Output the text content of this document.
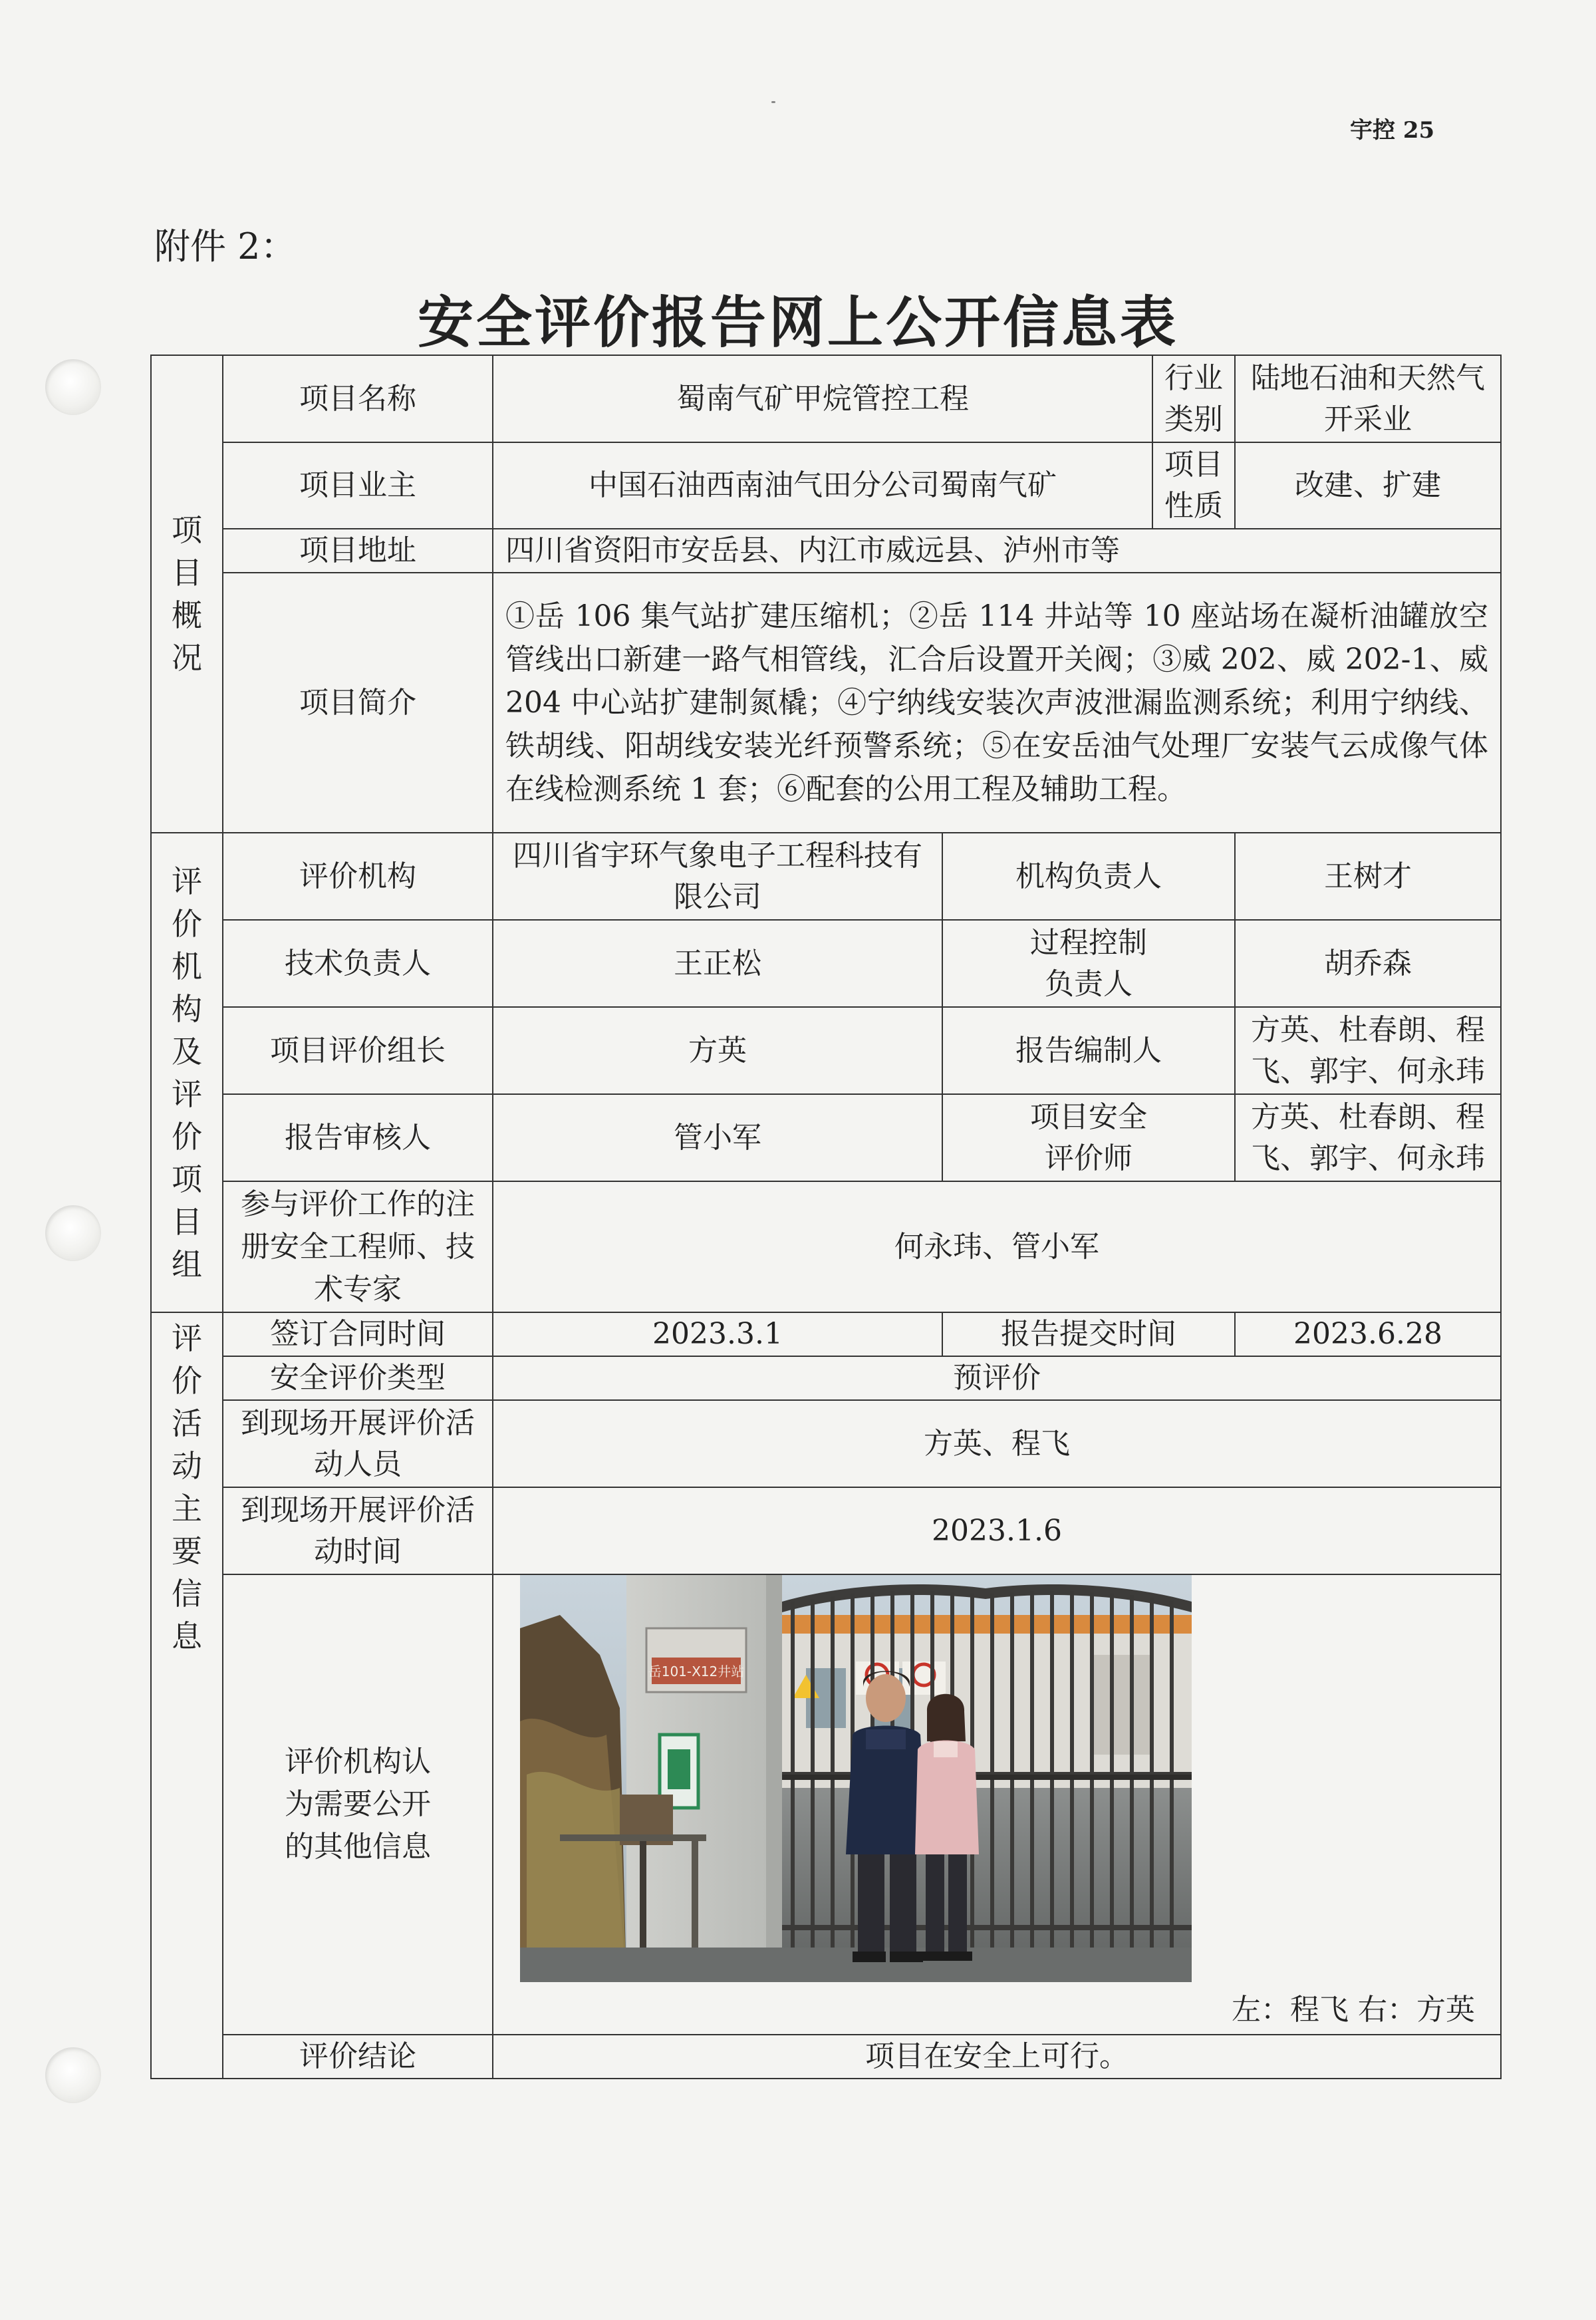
宇控 25
附件 2：
安全评价报告网上公开信息表
项目概况	项目名称	蜀南气矿甲烷管控工程		行业类别	陆地石油和天然气开采业

	项目业主	中国石油西南油气田分公司蜀南气矿		项目性质	改建、扩建
	项目地址	四川省资阳市安岳县、内江市威远县、泸州市等			
	项目简介	①岳 106 集气站扩建压缩机；②岳 114 井站等 10 座站场在凝析油罐放空管线出口新建一路气相管线，汇合后设置开关阀；③威 202、威 202-1、威 204 中心站扩建制氮橇；④宁纳线安装次声波泄漏监测系统；利用宁纳线、铁胡线、阳胡线安装光纤预警系统；⑤在安岳油气处理厂安装气云成像气体在线检测系统 1 套；⑥配套的公用工程及辅助工程。			

评价机构及评价项目组	评价机构	四川省宇环气象电子工程科技有限公司	机构负责人		王树才
	技术负责人	王正松	过程控制负责人		胡乔森
	项目评价组长	方英	报告编制人		方英、杜春朗、程飞、郭宇、何永玮

	报告审核人	管小军	项目安全评价师		方英、杜春朗、程飞、郭宇、何永玮

	参与评价工作的注册安全工程师、技术专家	何永玮、管小军			

评价活动主要信息	签订合同时间	2023.3.1	报告提交时间		2023.6.28
	安全评价类型	预评价			

	到现场开展评价活动人员	方英、程飞			

	到现场开展评价活动时间	2023.1.6			

	评价机构认为需要公开的其他信息	岳101-X12井站
左：程飞 右：方英			

	评价结论	项目在安全上可行。			
